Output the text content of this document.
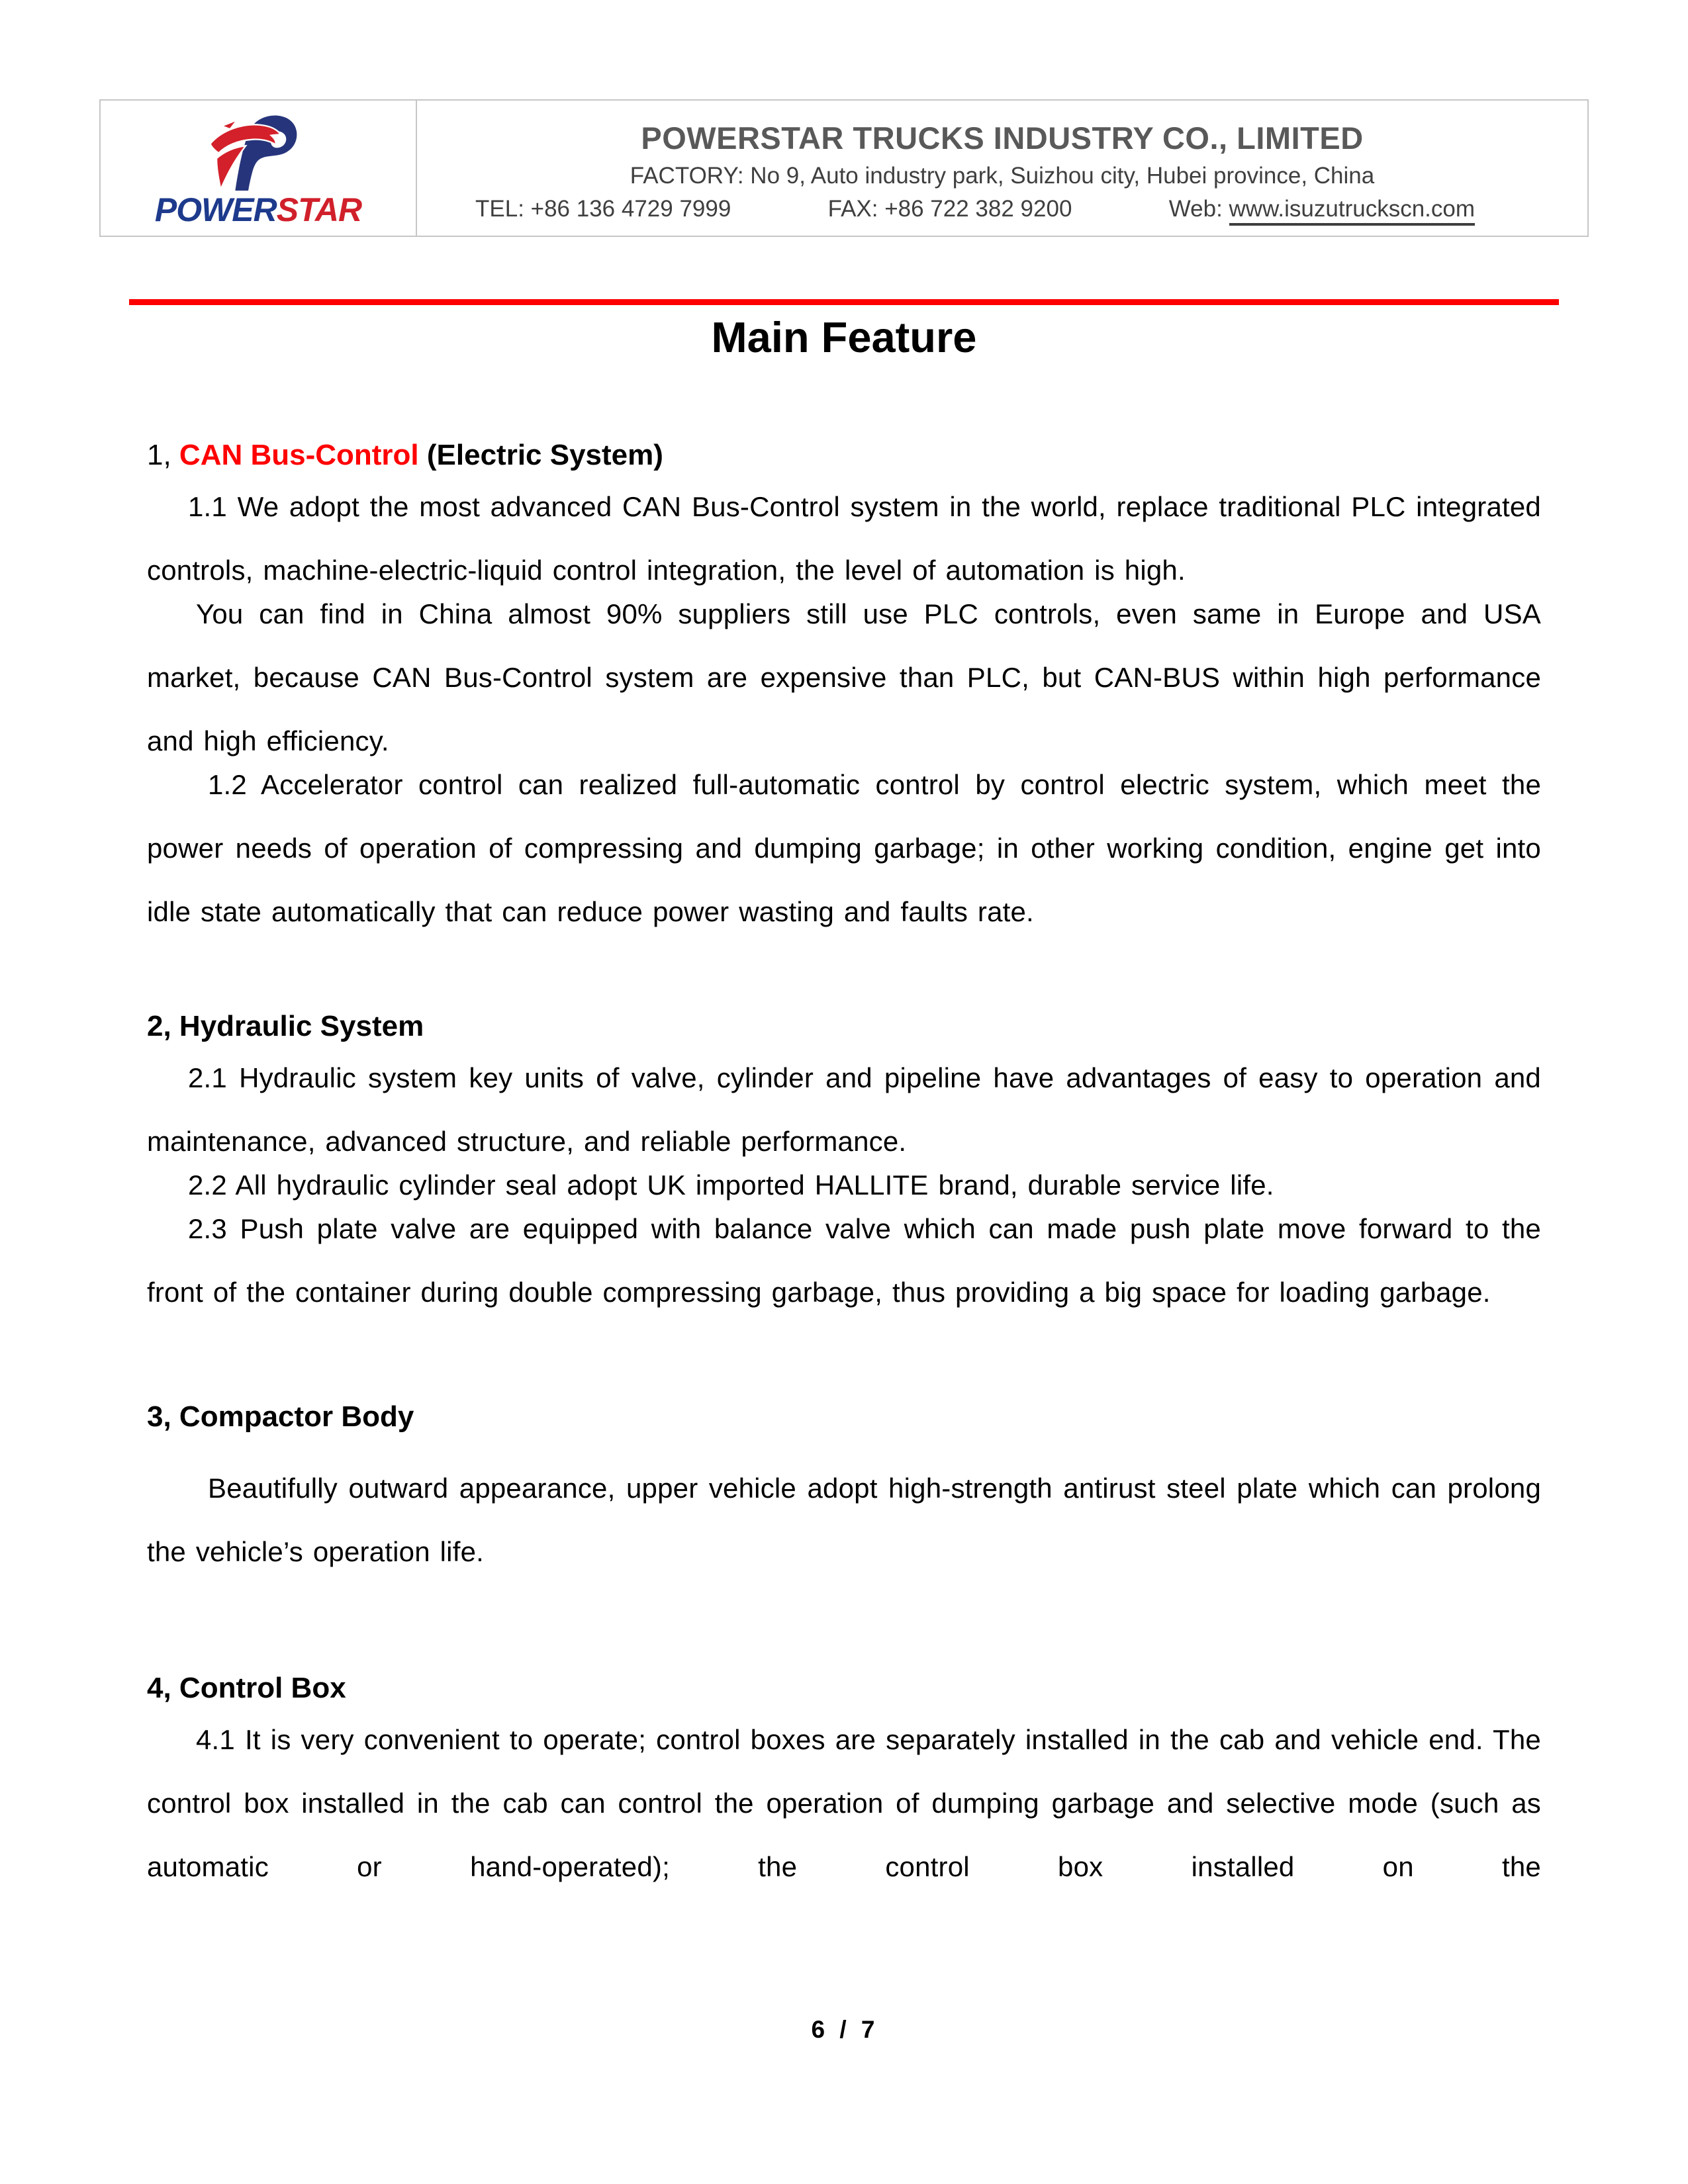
POWERSTAR
POWERSTAR TRUCKS INDUSTRY CO., LIMITED
FACTORY: No 9, Auto industry park, Suizhou city, Hubei province, China
TEL: +86 136 4729 7999	FAX: +86 722 382 9200	Web: www.isuzutruckscn.com
Main Feature

1, CAN Bus-Control (Electric System)

1.1 We adopt the most advanced CAN Bus-Control system in the world, replace traditional PLC integrated controls, machine-electric-liquid control integration, the level of automation is high.

You can find in China almost 90% suppliers still use PLC controls, even same in Europe and USA market, because CAN Bus-Control system are expensive than PLC, but CAN-BUS within high performance and high efficiency.

1.2 Accelerator control can realized full-automatic control by control electric system, which meet the power needs of operation of compressing and dumping garbage; in other working condition, engine get into idle state automatically that can reduce power wasting and faults rate.

2, Hydraulic System

2.1 Hydraulic system key units of valve, cylinder and pipeline have advantages of easy to operation and maintenance, advanced structure, and reliable performance.

2.2 All hydraulic cylinder seal adopt UK imported HALLITE brand, durable service life.

2.3 Push plate valve are equipped with balance valve which can made push plate move forward to the front of the container during double compressing garbage, thus providing a big space for loading garbage.

3, Compactor Body

Beautifully outward appearance, upper vehicle adopt high-strength antirust steel plate which can prolong the vehicle’s operation life.

4, Control Box

4.1 It is very convenient to operate; control boxes are separately installed in the cab and vehicle end. The control box installed in the cab can control the operation of dumping garbage and selective mode (such as automatic or hand-operated); the control box installed on the

6 / 7
